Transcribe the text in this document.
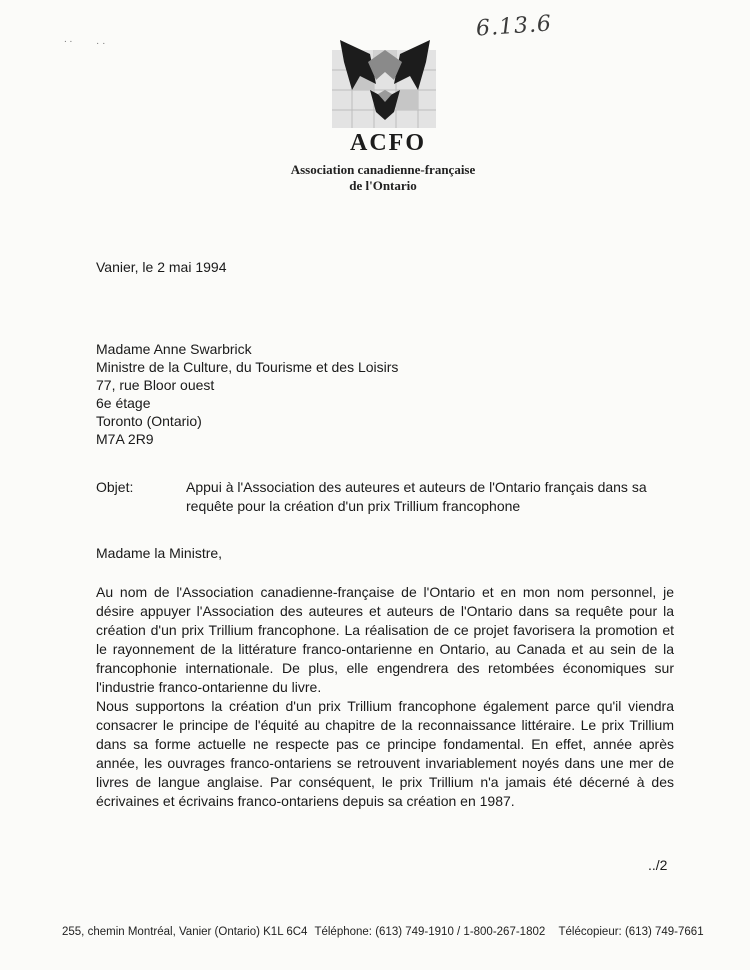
6.13.6
. . · ·
ACFO
Association canadienne-française
de l'Ontario
Vanier, le 2 mai 1994
Madame Anne Swarbrick
Ministre de la Culture, du Tourisme et des Loisirs
77, rue Bloor ouest
6e étage
Toronto (Ontario)
M7A 2R9
Objet:	Appui à l'Association des auteures et auteurs de l'Ontario français dans sa requête pour la création d'un prix Trillium francophone
Madame la Ministre,
Au nom de l'Association canadienne-française de l'Ontario et en mon nom personnel, je désire appuyer l'Association des auteures et auteurs de l'Ontario dans sa requête pour la création d'un prix Trillium francophone. La réalisation de ce projet favorisera la promotion et le rayonnement de la littérature franco-ontarienne en Ontario, au Canada et au sein de la francophonie internationale. De plus, elle engendrera des retombées économiques sur l'industrie franco-ontarienne du livre.
Nous supportons la création d'un prix Trillium francophone également parce qu'il viendra consacrer le principe de l'équité au chapitre de la reconnaissance littéraire. Le prix Trillium dans sa forme actuelle ne respecte pas ce principe fondamental. En effet, année après année, les ouvrages franco-ontariens se retrouvent invariablement noyés dans une mer de livres de langue anglaise. Par conséquent, le prix Trillium n'a jamais été décerné à des écrivaines et écrivains franco-ontariens depuis sa création en 1987.
../2
255, chemin Montréal, Vanier (Ontario) K1L 6C4 Téléphone: (613) 749-1910 / 1-800-267-1802 Télécopieur: (613) 749-7661
